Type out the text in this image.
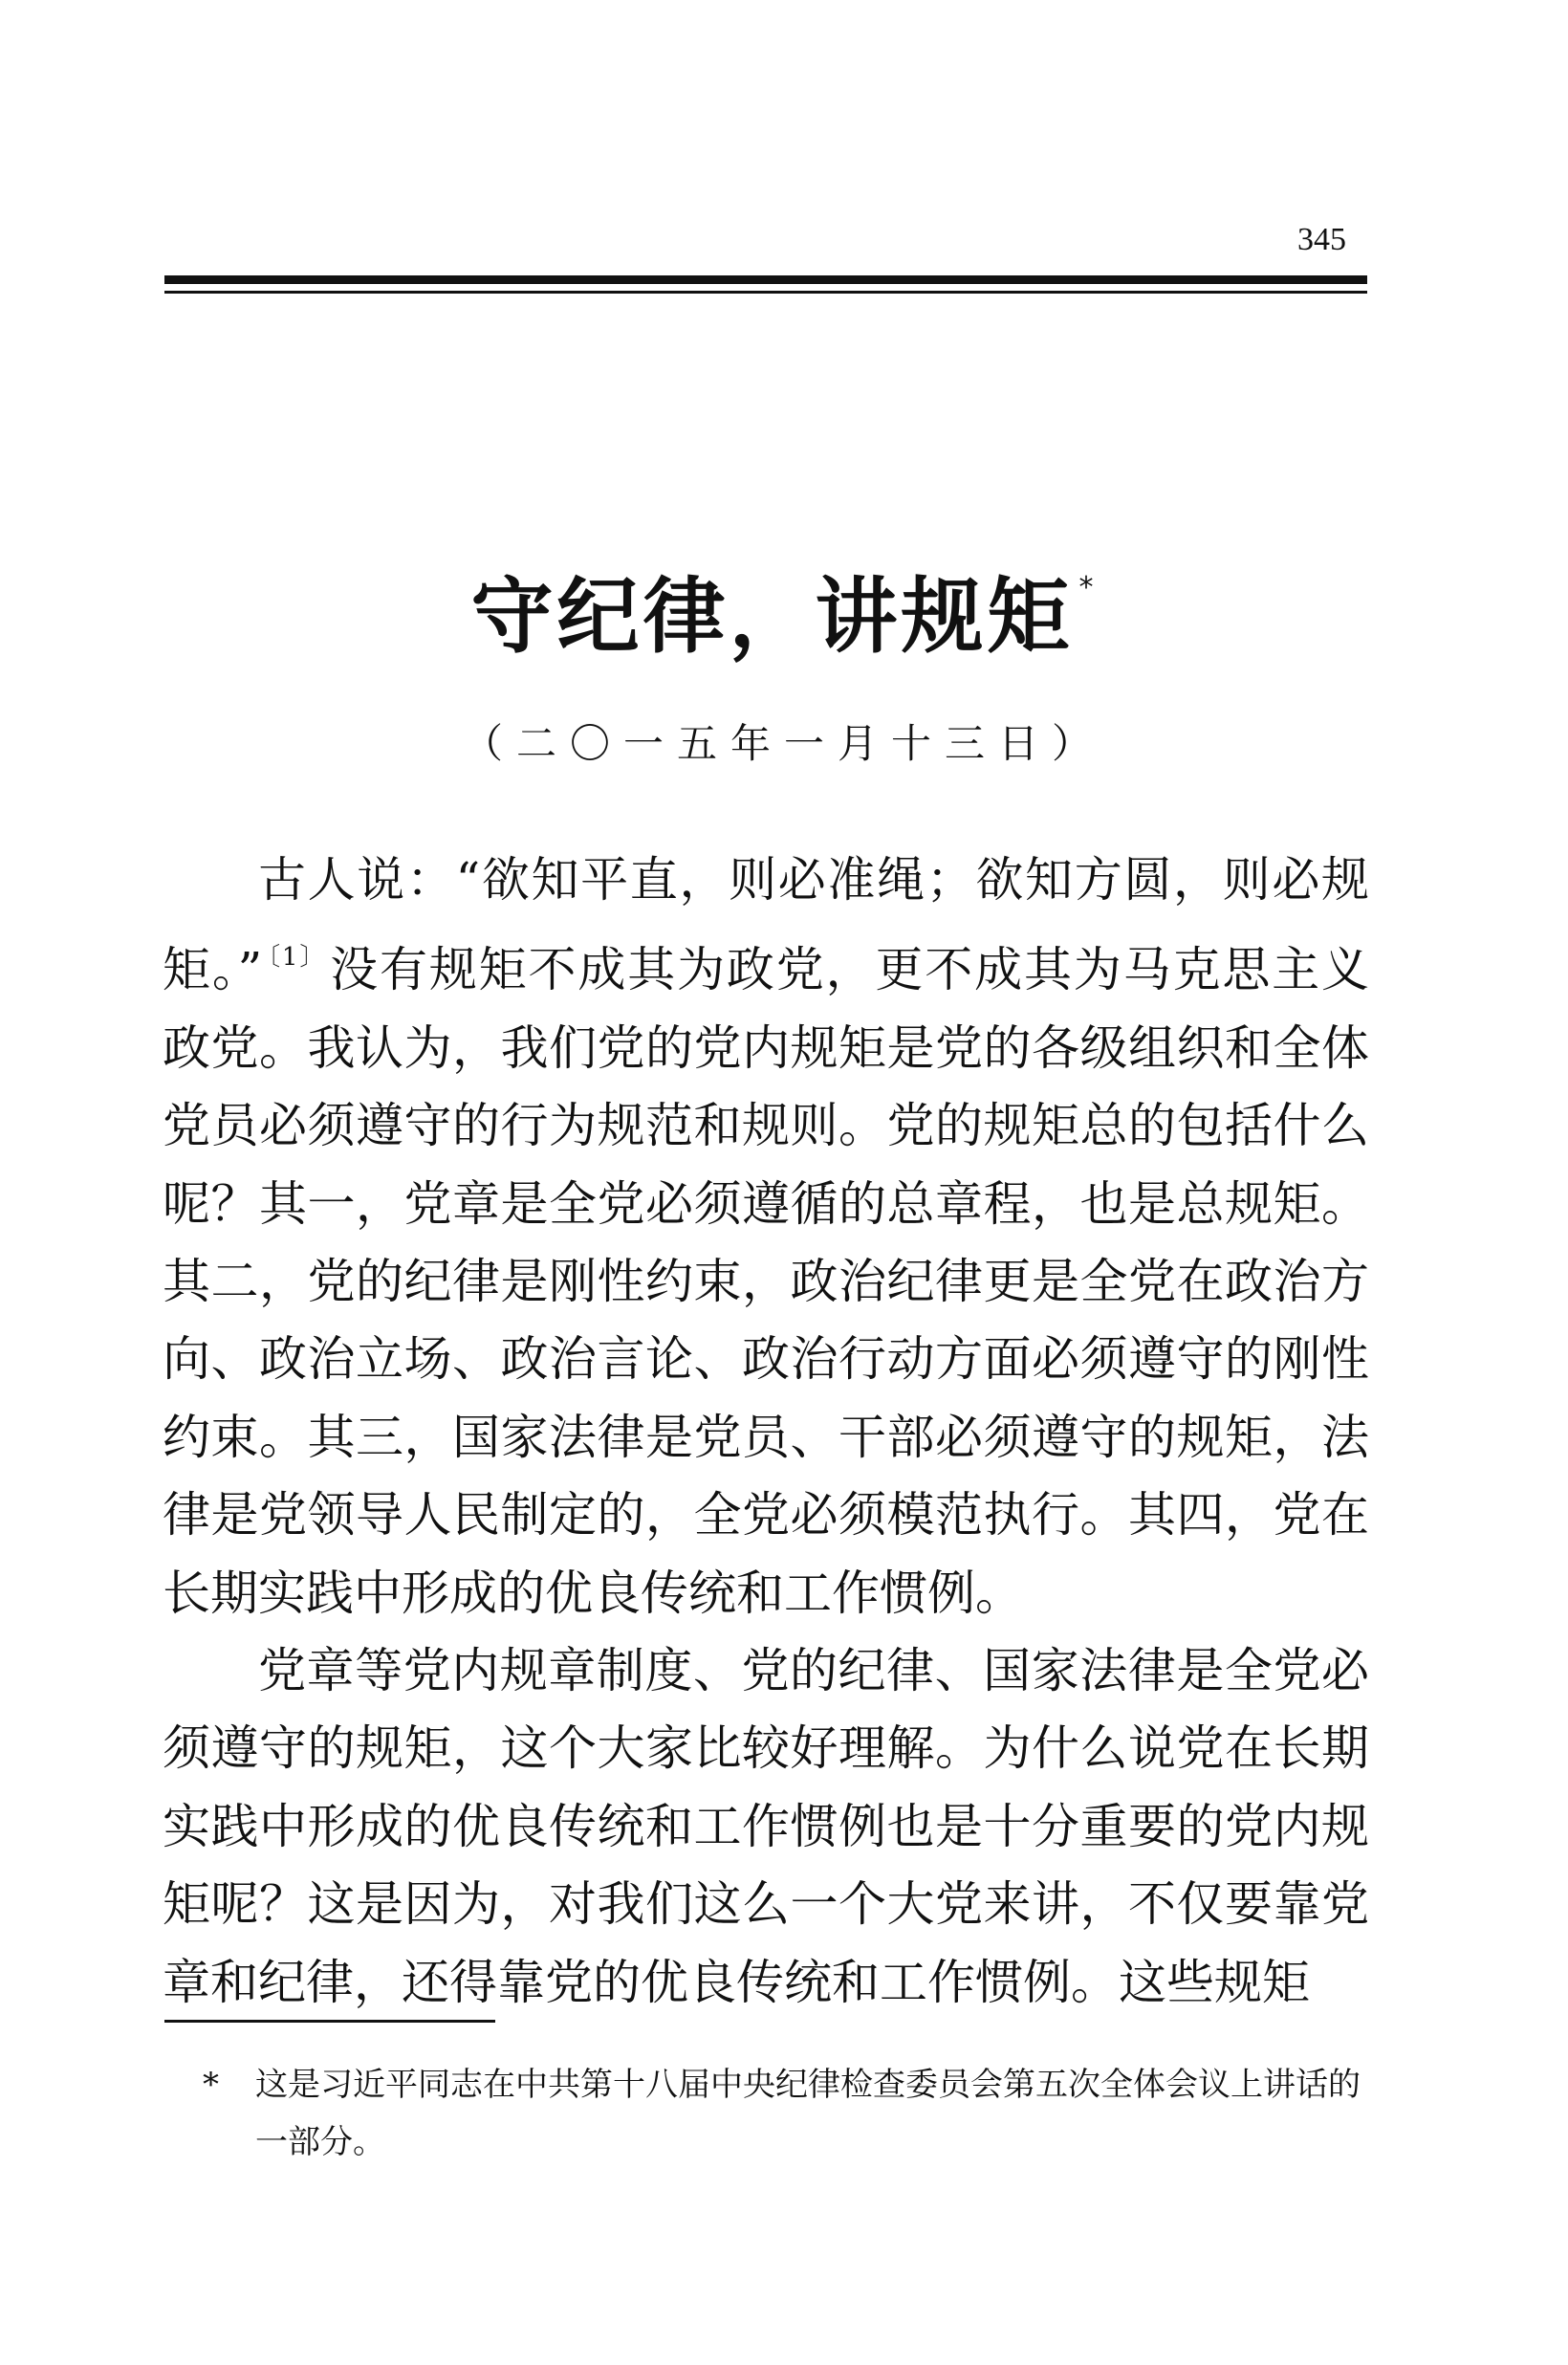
345
守纪律，讲规矩 *
（二〇一五年一月十三日）

古人说：“欲知平直，则必准绳；欲知方圆，则必规矩。” $^{〔1〕}$没有规矩不成其为政党，更不成其为马克思主义政党。我认为，我们党的党内规矩是党的各级组织和全体党员必须遵守的行为规范和规则。党的规矩总的包括什么呢？其一，党章是全党必须遵循的总章程，也是总规矩。其二，党的纪律是刚性约束，政治纪律更是全党在政治方向、政治立场、政治言论、政治行动方面必须遵守的刚性约束。其三，国家法律是党员、干部必须遵守的规矩，法律是党领导人民制定的，全党必须模范执行。其四，党在长期实践中形成的优良传统和工作惯例。

党章等党内规章制度、党的纪律、国家法律是全党必须遵守的规矩，这个大家比较好理解。为什么说党在长期实践中形成的优良传统和工作惯例也是十分重要的党内规矩呢？这是因为，对我们这么一个大党来讲，不仅要靠党章和纪律，还得靠党的优良传统和工作惯例。这些规矩

* 这是习近平同志在中共第十八届中央纪律检查委员会第五次全体会议上讲话的一部分。
